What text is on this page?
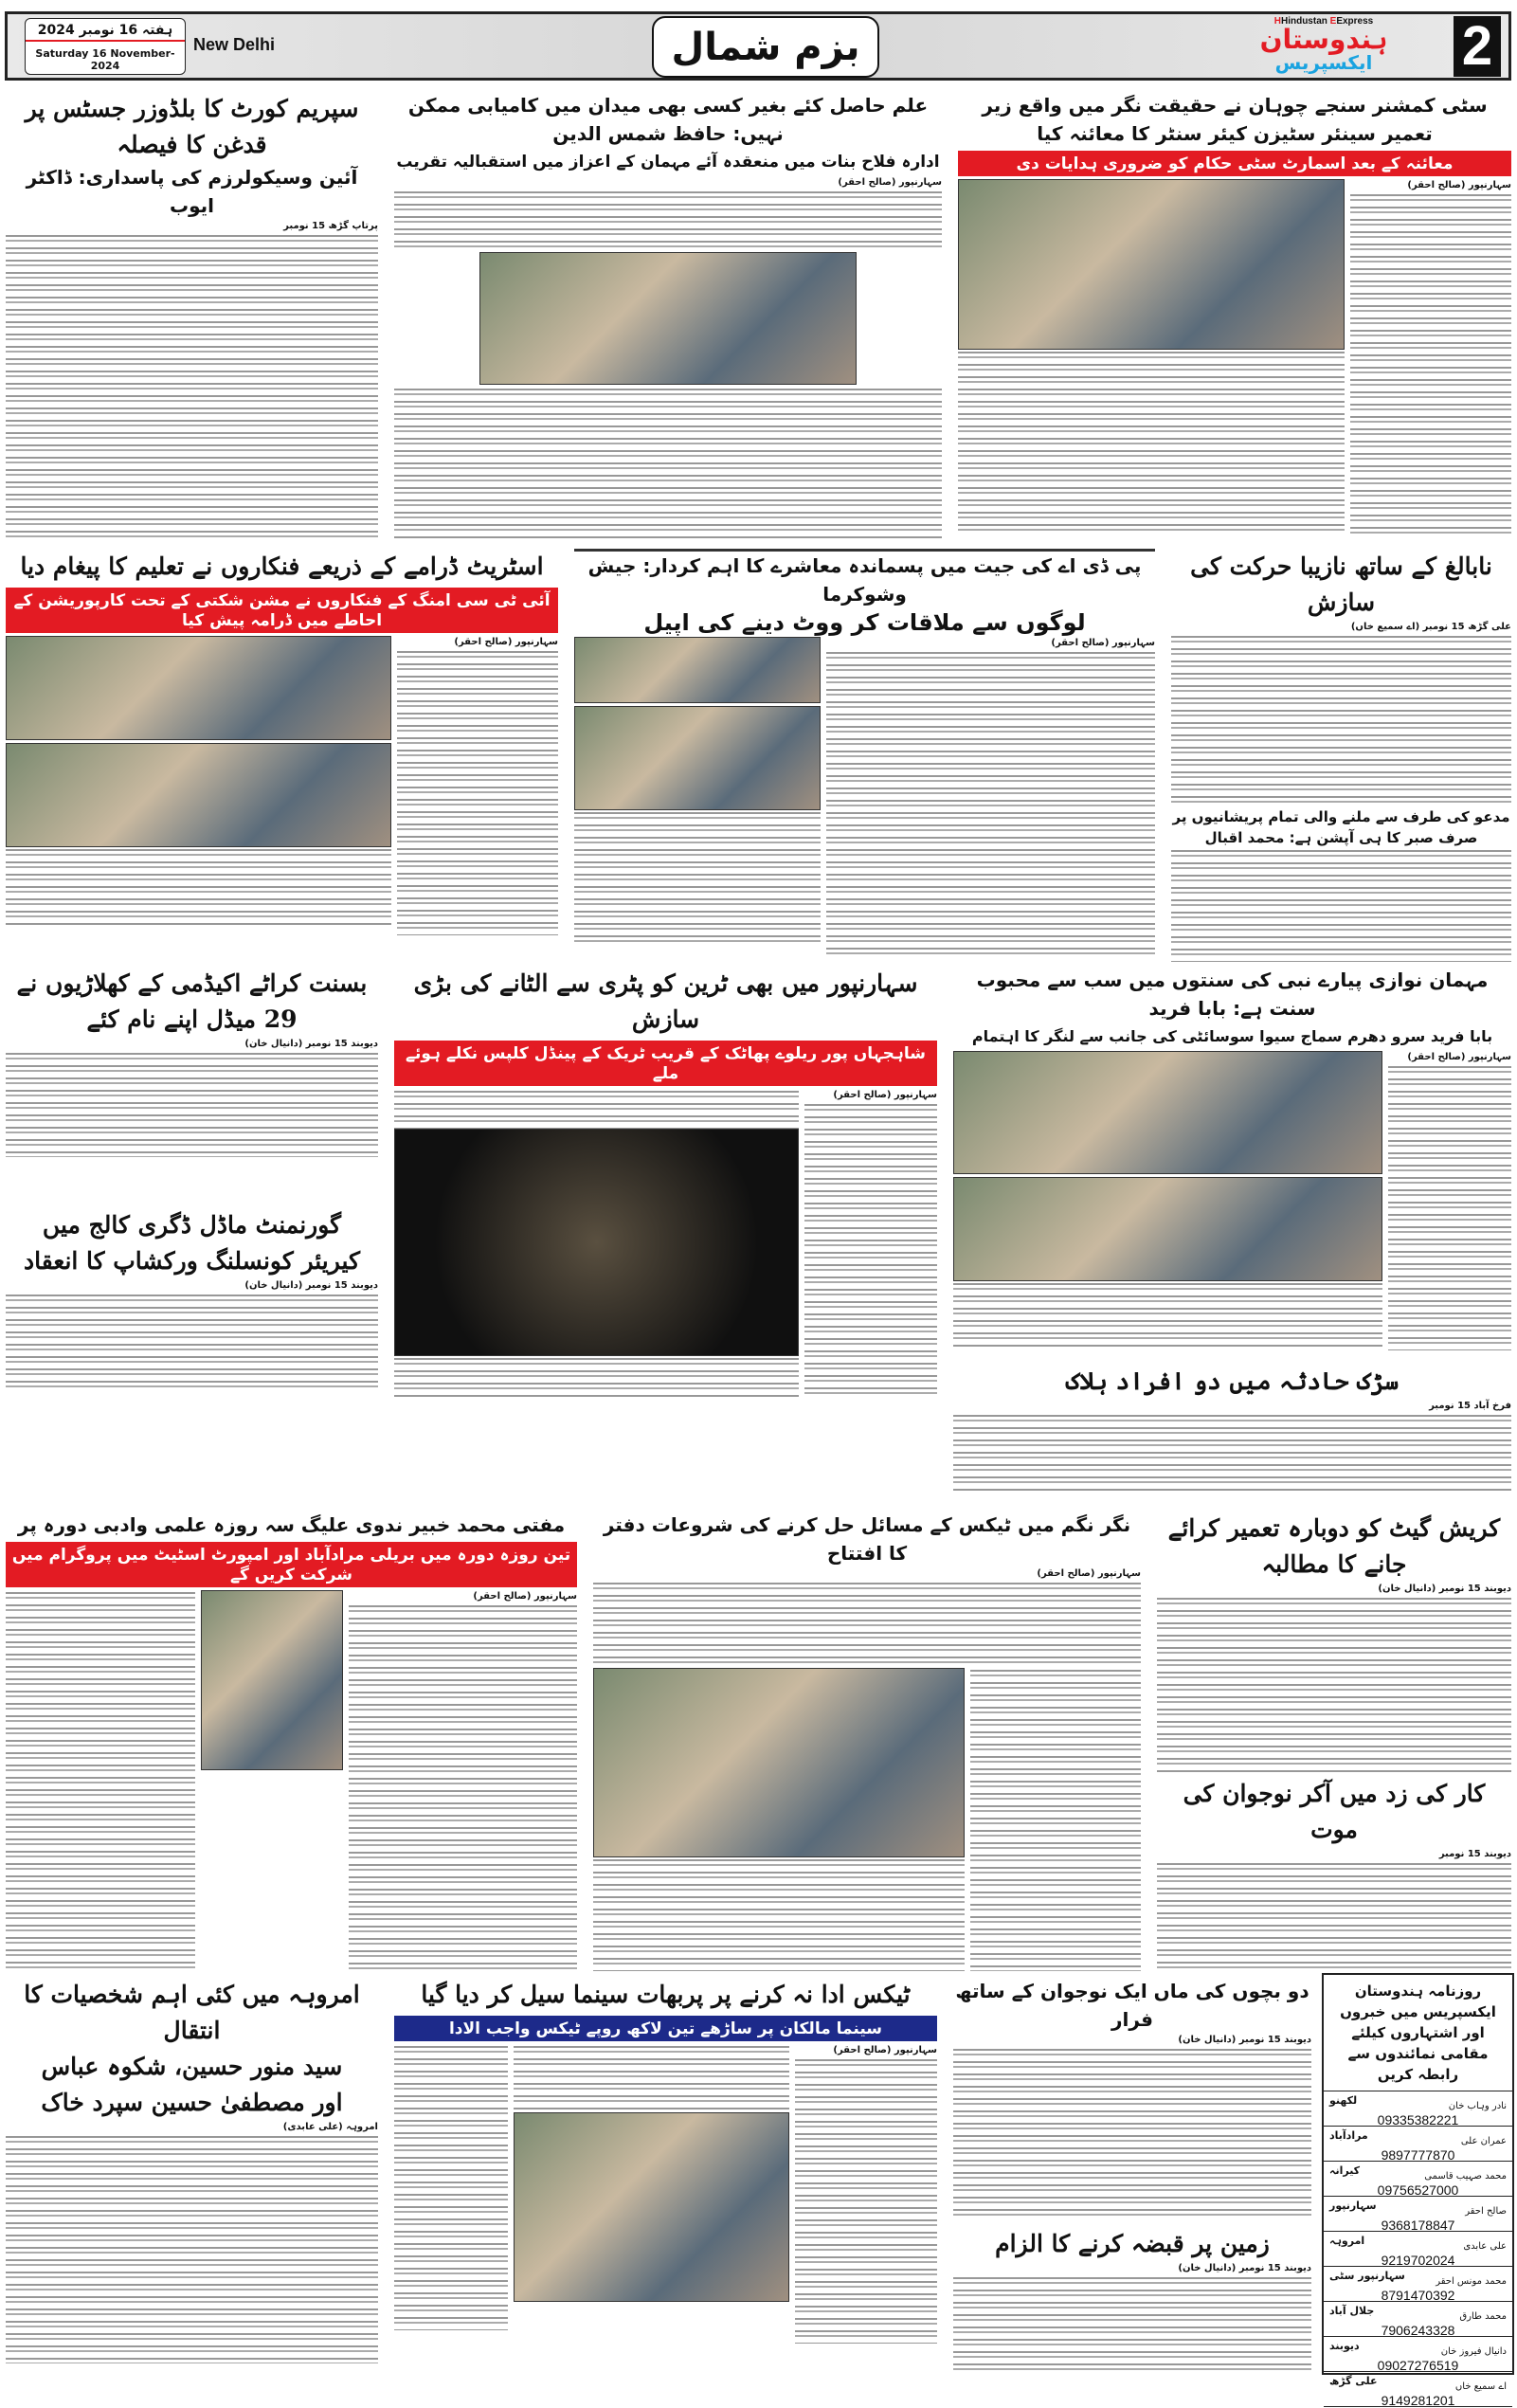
ہفتہ 16 نومبر 2024
Saturday 16 November-2024
New Delhi	بزم شمال
HHindustan EExpress
ہندوستان
ایکسپریس	2
سٹی کمشنر سنجے چوہان نے حقیقت نگر میں واقع زیر تعمیر سینئر سٹیزن کیئر سنٹر کا معائنہ کیا
معائنہ کے بعد اسمارٹ سٹی حکام کو ضروری ہدایات دی
سہارنپور (صالح احقر)
علم حاصل کئے بغیر کسی بھی میدان میں کامیابی ممکن نہیں: حافظ شمس الدین
ادارہ فلاح بنات میں منعقدہ آئے مہمان کے اعزاز میں استقبالیہ تقریب
سہارنپور (صالح احقر)
سپریم کورٹ کا بلڈوزر جسٹس پر قدغن کا فیصلہ
آئین وسیکولرزم کی پاسداری: ڈاکٹر ایوب
پرتاپ گڑھ 15 نومبر
نابالغ کے ساتھ نازیبا حرکت کی سازش
علی گڑھ 15 نومبر (اے سمیع خاں)
مدعو کی طرف سے ملنے والی تمام پریشانیوں پر صرف صبر کا ہی آپشن ہے: محمد اقبال
پی ڈی اے کی جیت میں پسماندہ معاشرے کا اہم کردار: جیش وشوکرما
لوگوں سے ملاقات کر ووٹ دینے کی اپیل
سہارنپور (صالح احقر)
اسٹریٹ ڈرامے کے ذریعے فنکاروں نے تعلیم کا پیغام دیا
آئی ٹی سی امنگ کے فنکاروں نے مشن شکتی کے تحت کارپوریشن کے احاطے میں ڈرامہ پیش کیا
سہارنپور (صالح احقر)
مہمان نوازی پیارے نبی کی سنتوں میں سب سے محبوب سنت ہے: بابا فرید
بابا فرید سرو دھرم سماج سیوا سوسائٹی کی جانب سے لنگر کا اہتمام
سہارنپور (صالح احقر)
سڑک حادثہ میں دو افراد ہلاک
فرخ آباد 15 نومبر
سہارنپور میں بھی ٹرین کو پٹری سے الٹانے کی بڑی سازش
شاہجہاں پور ریلوے پھاٹک کے قریب ٹریک کے پینڈل کلپس نکلے ہوئے ملے
سہارنپور (صالح احقر)
بسنت کراٹے اکیڈمی کے کھلاڑیوں نے 29 میڈل اپنے نام کئے
دیوبند 15 نومبر (دانیال خان)
گورنمنٹ ماڈل ڈگری کالج میں
کیریئر کونسلنگ ورکشاپ کا انعقاد
دیوبند 15 نومبر (دانیال خان)
کریش گیٹ کو دوبارہ تعمیر کرائے جانے کا مطالبہ
دیوبند 15 نومبر (دانیال خان)
کار کی زد میں آکر نوجوان کی موت
دیوبند 15 نومبر
نگر نگم میں ٹیکس کے مسائل حل کرنے کی شروعات دفتر کا افتتاح
سہارنپور (صالح احقر)
مفتی محمد خبیر ندوی علیگ سہ روزہ علمی وادبی دورہ پر
تین روزہ دورہ میں بریلی مرادآباد اور امپورٹ اسٹیٹ میں پروگرام میں شرکت کریں گے
سہارنپور (صالح احقر)
روزنامہ ہندوستان ایکسپریس میں خبروں اور اشتہاروں کیلئے مقامی نمائندوں سے رابطہ کریں
نادر وہاب خان
لکھنو
09335382221
عمران علی
مرادآباد
9897777870
محمد صہیب قاسمی
کیرانہ
09756527000
صالح احقر
سہارنپور
9368178847
علی عابدی
امروہہ
9219702024
محمد مونس احقر
سہارنپور سٹی
8791470392
محمد طارق
جلال آباد
7906243328
دانیال فیروز خان
دیوبند
09027276519
اے سمیع خاں
علی گڑھ
9149281201
دو بچوں کی ماں ایک نوجوان کے ساتھ فرار
دیوبند 15 نومبر (دانیال خان)
زمین پر قبضہ کرنے کا الزام
دیوبند 15 نومبر (دانیال خان)
ٹیکس ادا نہ کرنے پر پربھات سینما سیل کر دیا گیا
سینما مالکان پر ساڑھے تین لاکھ روپے ٹیکس واجب الادا
سہارنپور (صالح احقر)
امروہہ میں کئی اہم شخصیات کا انتقال
سید منور حسین، شکوہ عباس
اور مصطفیٰ حسین سپرد خاک
امروہہ (علی عابدی)
